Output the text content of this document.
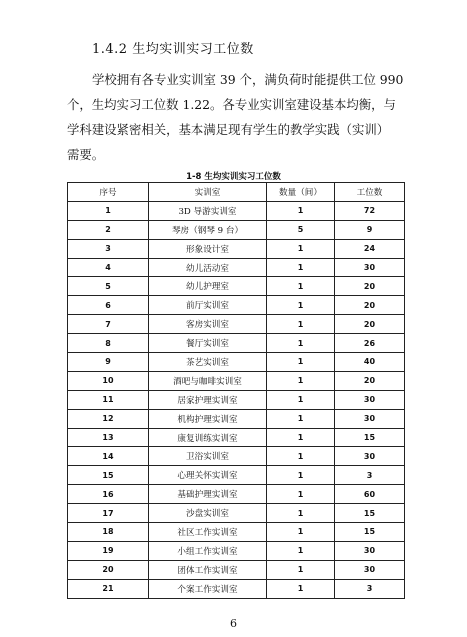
1.4.2 生均实训实习工位数
学校拥有各专业实训室 39 个，满负荷时能提供工位 990
个，生均实习工位数 1.22。各专业实训室建设基本均衡，与
学科建设紧密相关，基本满足现有学生的教学实践（实训）
需要。
1-8 生均实训实习工位数
序号	实训室	数量（间）	工位数
1	3D 导游实训室	1	72
2	琴房（钢琴 9 台）	5	9
3	形象设计室	1	24
4	幼儿活动室	1	30
5	幼儿护理室	1	20
6	前厅实训室	1	20
7	客房实训室	1	20
8	餐厅实训室	1	26
9	茶艺实训室	1	40
10	酒吧与咖啡实训室	1	20
11	居家护理实训室	1	30
12	机构护理实训室	1	30
13	康复训练实训室	1	15
14	卫浴实训室	1	30
15	心理关怀实训室	1	3
16	基础护理实训室	1	60
17	沙盘实训室	1	15
18	社区工作实训室	1	15
19	小组工作实训室	1	30
20	团体工作实训室	1	30
21	个案工作实训室	1	3
6
